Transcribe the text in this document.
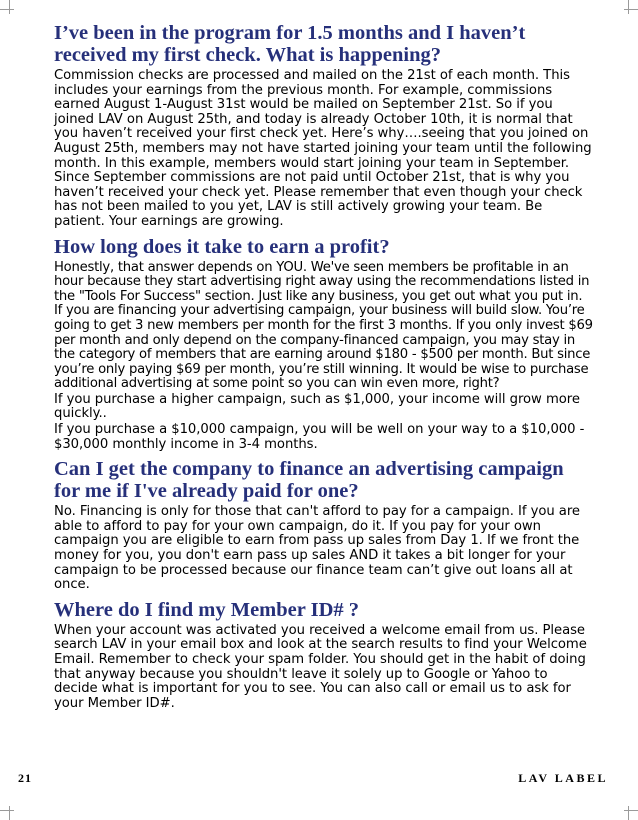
I’ve been in the program for 1.5 months and I haven’t received my first check. What is happening?

Commission checks are processed and mailed on the 21st of each month. This includes your earnings from the previous month. For example, commissions earned August 1-August 31st would be mailed on September 21st. So if you joined LAV on August 25th, and today is already October 10th, it is normal that you haven’t received your first check yet. Here’s why….seeing that you joined on August 25th, members may not have started joining your team until the following month. In this example, members would start joining your team in September. Since September commissions are not paid until October 21st, that is why you haven’t received your check yet. Please remember that even though your check has not been mailed to you yet, LAV is still actively growing your team. Be patient. Your earnings are growing.

How long does it take to earn a profit?

Honestly, that answer depends on YOU. We've seen members be profitable in an hour because they start advertising right away using the recommendations listed in the "Tools For Success" section. Just like any business, you get out what you put in. If you are financing your advertising campaign, your business will build slow. You’re going to get 3 new members per month for the first 3 months. If you only invest $69 per month and only depend on the company-financed campaign, you may stay in the category of members that are earning around $180 - $500 per month. But since you’re only paying $69 per month, you’re still winning. It would be wise to purchase additional advertising at some point so you can win even more, right?

If you purchase a higher campaign, such as $1,000, your income will grow more quickly..

If you purchase a $10,000 campaign, you will be well on your way to a $10,000 - $30,000 monthly income in 3-4 months.

Can I get the company to finance an advertising campaign for me if I've already paid for one?

No. Financing is only for those that can't afford to pay for a campaign. If you are able to afford to pay for your own campaign, do it. If you pay for your own campaign you are eligible to earn from pass up sales from Day 1. If we front the money for you, you don't earn pass up sales AND it takes a bit longer for your campaign to be processed because our finance team can’t give out loans all at once.

Where do I find my Member ID# ?

When your account was activated you received a welcome email from us. Please search LAV in your email box and look at the search results to find your Welcome Email. Remember to check your spam folder. You should get in the habit of doing that anyway because you shouldn't leave it solely up to Google or Yahoo to decide what is important for you to see. You can also call or email us to ask for your Member ID#.

21	LAV LABEL
